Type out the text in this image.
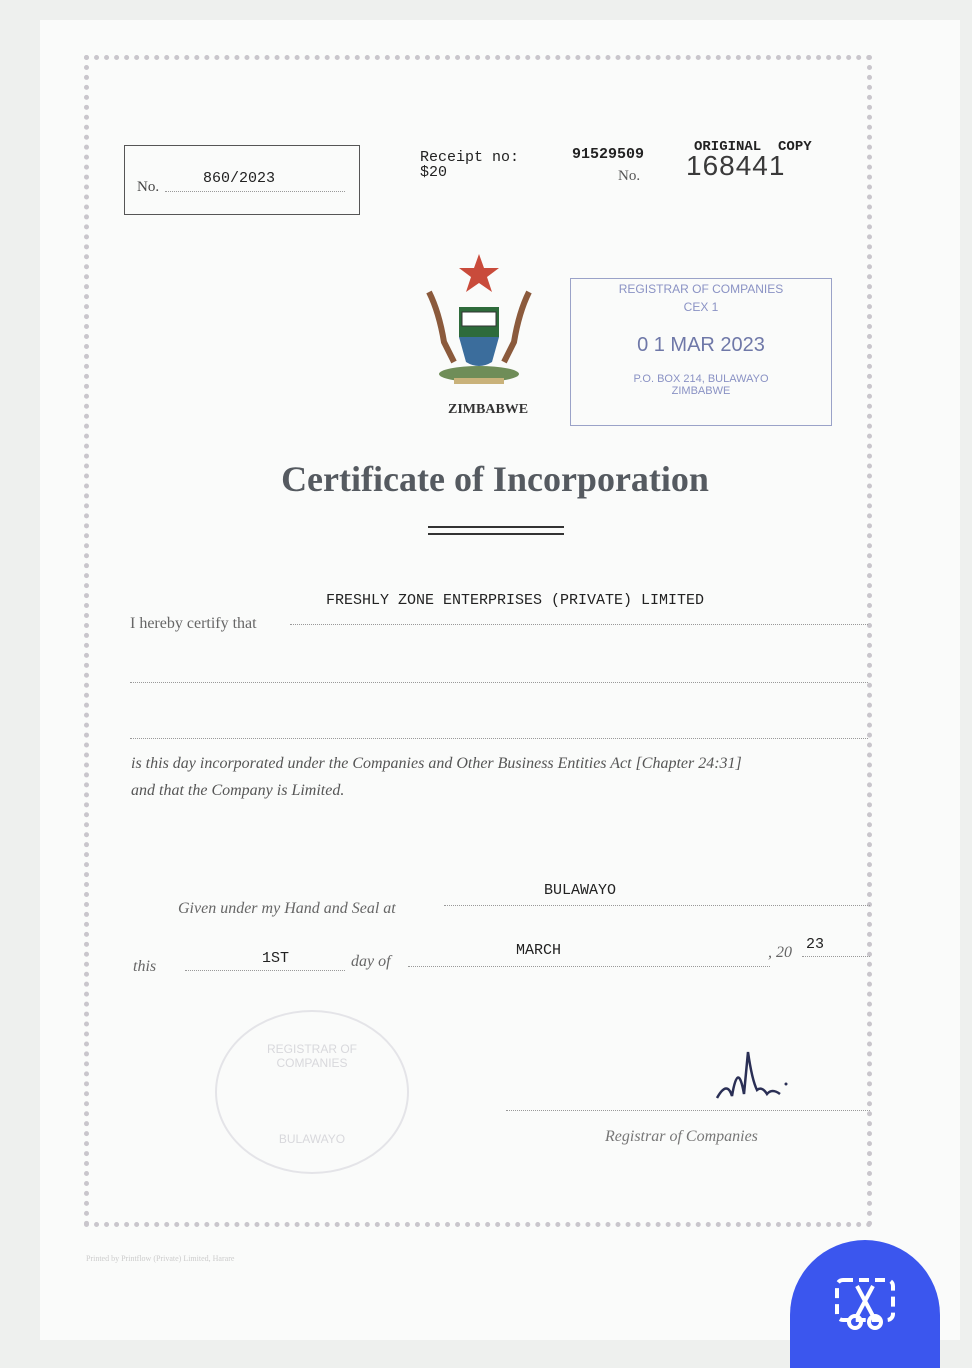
No.	860/2023
Receipt no:
$20
91529509	ORIGINAL  COPY
No. 168441
ZIMBABWE
REGISTRAR OF COMPANIES
CEX 1
0 1 MAR 2023
P.O. BOX 214, BULAWAYO
ZIMBABWE
Certificate of Incorporation
I hereby certify that
FRESHLY ZONE ENTERPRISES (PRIVATE) LIMITED
is this day incorporated under the Companies and Other Business Entities Act [Chapter 24:31]
and that the Company is Limited.
Given under my Hand and Seal at
BULAWAYO
this	1ST	day of
MARCH	, 20 23
REGISTRAR OF COMPANIES
BULAWAYO	Registrar of Companies
Printed by Printflow (Private) Limited, Harare
